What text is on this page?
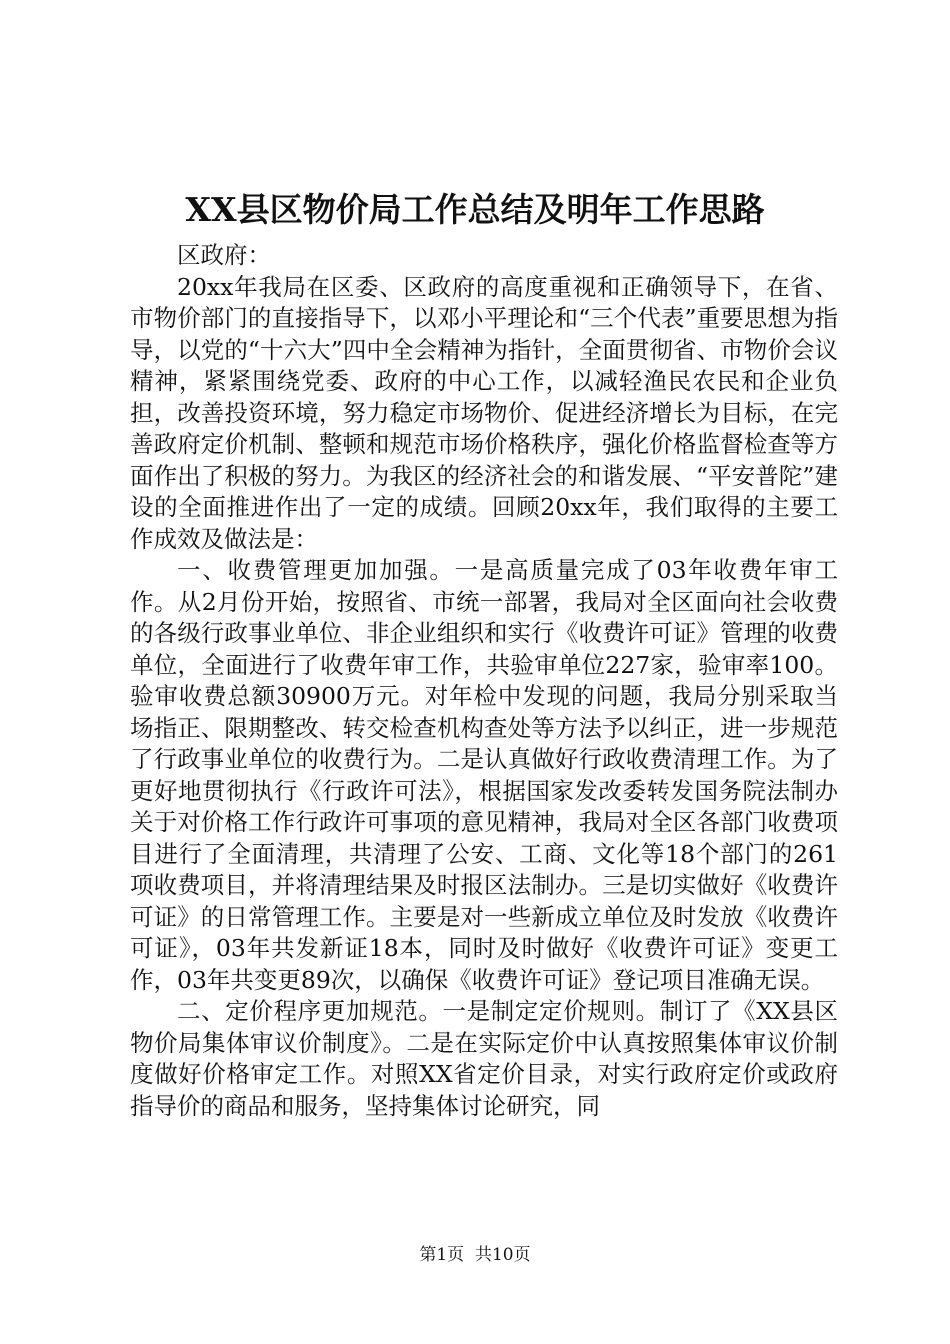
XX县区物价局工作总结及明年工作思路

区政府：

20xx年我局在区委、区政府的高度重视和正确领导下，在省、市物价部门的直接指导下，以邓小平理论和“三个代表”重要思想为指导，以党的“十六大”四中全会精神为指针，全面贯彻省、市物价会议精神，紧紧围绕党委、政府的中心工作，以减轻渔民农民和企业负担，改善投资环境，努力稳定市场物价、促进经济增长为目标，在完善政府定价机制、整顿和规范市场价格秩序，强化价格监督检查等方面作出了积极的努力。为我区的经济社会的和谐发展、“平安普陀”建设的全面推进作出了一定的成绩。回顾20xx年，我们取得的主要工作成效及做法是：

一、收费管理更加加强。一是高质量完成了03年收费年审工作。从2月份开始，按照省、市统一部署，我局对全区面向社会收费的各级行政事业单位、非企业组织和实行《收费许可证》管理的收费单位，全面进行了收费年审工作，共验审单位227家，验审率100。验审收费总额30900万元。对年检中发现的问题，我局分别采取当场指正、限期整改、转交检查机构查处等方法予以纠正，进一步规范了行政事业单位的收费行为。二是认真做好行政收费清理工作。为了更好地贯彻执行《行政许可法》，根据国家发改委转发国务院法制办关于对价格工作行政许可事项的意见精神，我局对全区各部门收费项目进行了全面清理，共清理了公安、工商、文化等18个部门的261项收费项目，并将清理结果及时报区法制办。三是切实做好《收费许可证》的日常管理工作。主要是对一些新成立单位及时发放《收费许可证》，03年共发新证18本，同时及时做好《收费许可证》变更工作，03年共变更89次，以确保《收费许可证》登记项目准确无误。

二、定价程序更加规范。一是制定定价规则。制订了《XX县区物价局集体审议价制度》。二是在实际定价中认真按照集体审议价制度做好价格审定工作。对照XX省定价目录，对实行政府定价或政府指导价的商品和服务，坚持集体讨论研究，同

第1页  共10页
